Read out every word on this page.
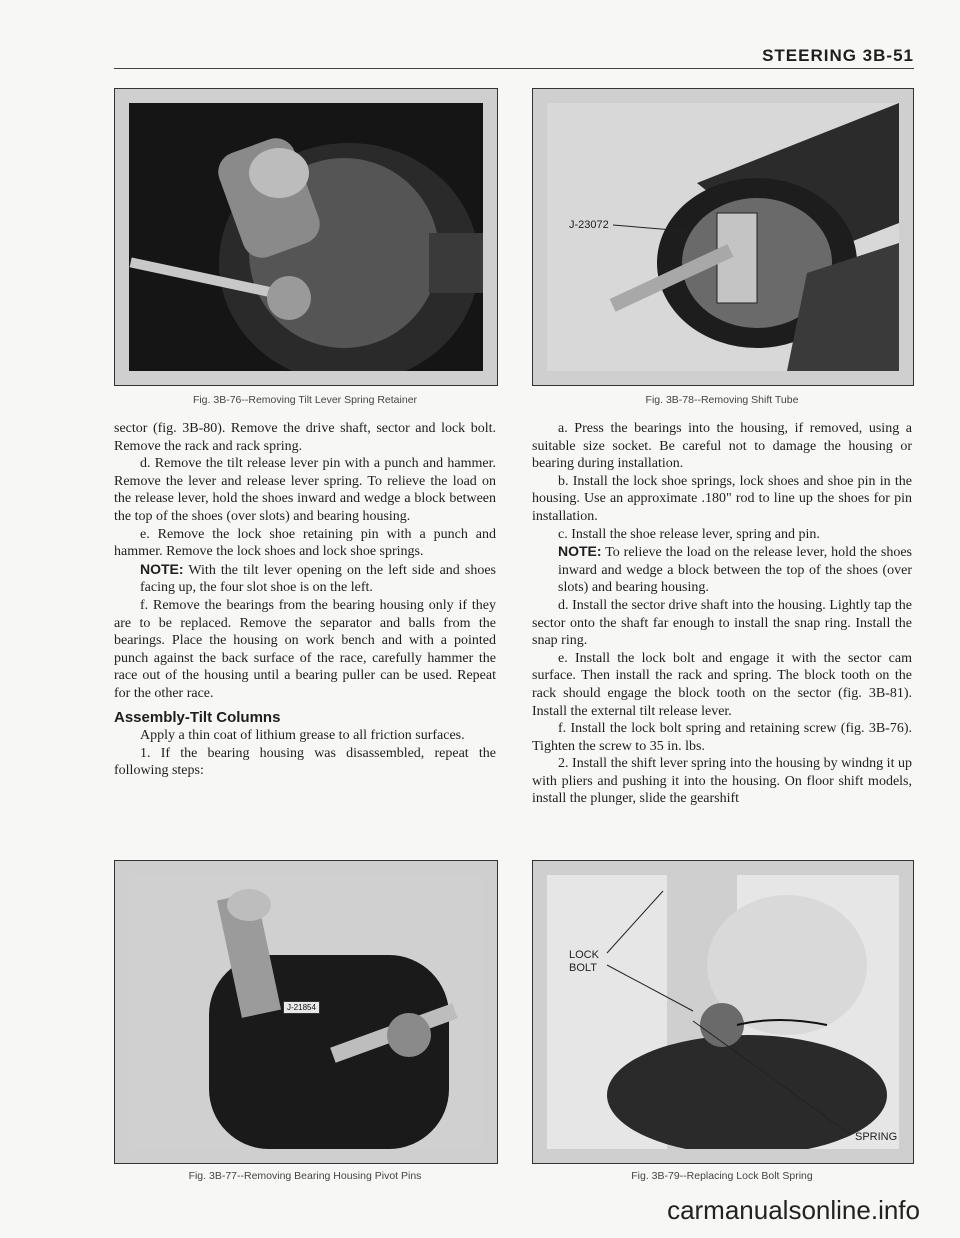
STEERING 3B-51
Fig. 3B-76--Removing Tilt Lever Spring Retainer
J-23072
Fig. 3B-78--Removing Shift Tube

sector (fig. 3B-80). Remove the drive shaft, sector and lock bolt. Remove the rack and rack spring.

d. Remove the tilt release lever pin with a punch and hammer. Remove the lever and release lever spring. To relieve the load on the release lever, hold the shoes inward and wedge a block between the top of the shoes (over slots) and bearing housing.

e. Remove the lock shoe retaining pin with a punch and hammer. Remove the lock shoes and lock shoe springs.

NOTE: With the tilt lever opening on the left side and shoes facing up, the four slot shoe is on the left.

f. Remove the bearings from the bearing housing only if they are to be replaced. Remove the separator and balls from the bearings. Place the housing on work bench and with a pointed punch against the back surface of the race, carefully hammer the race out of the housing until a bearing puller can be used. Repeat for the other race.

Assembly-Tilt Columns

Apply a thin coat of lithium grease to all friction surfaces.

1. If the bearing housing was disassembled, repeat the following steps:

a. Press the bearings into the housing, if removed, using a suitable size socket. Be careful not to damage the housing or bearing during installation.

b. Install the lock shoe springs, lock shoes and shoe pin in the housing. Use an approximate .180" rod to line up the shoes for pin installation.

c. Install the shoe release lever, spring and pin.

NOTE: To relieve the load on the release lever, hold the shoes inward and wedge a block between the top of the shoes (over slots) and bearing housing.

d. Install the sector drive shaft into the housing. Lightly tap the sector onto the shaft far enough to install the snap ring. Install the snap ring.

e. Install the lock bolt and engage it with the sector cam surface. Then install the rack and spring. The block tooth on the rack should engage the block tooth on the sector (fig. 3B-81). Install the external tilt release lever.

f. Install the lock bolt spring and retaining screw (fig. 3B-76). Tighten the screw to 35 in. lbs.

2. Install the shift lever spring into the housing by windng it up with pliers and pushing it into the housing. On floor shift models, install the plunger, slide the gearshift

J-21854
Fig. 3B-77--Removing Bearing Housing Pivot Pins
LOCK
BOLT
SPRING
Fig. 3B-79--Replacing Lock Bolt Spring
carmanualsonline.info
